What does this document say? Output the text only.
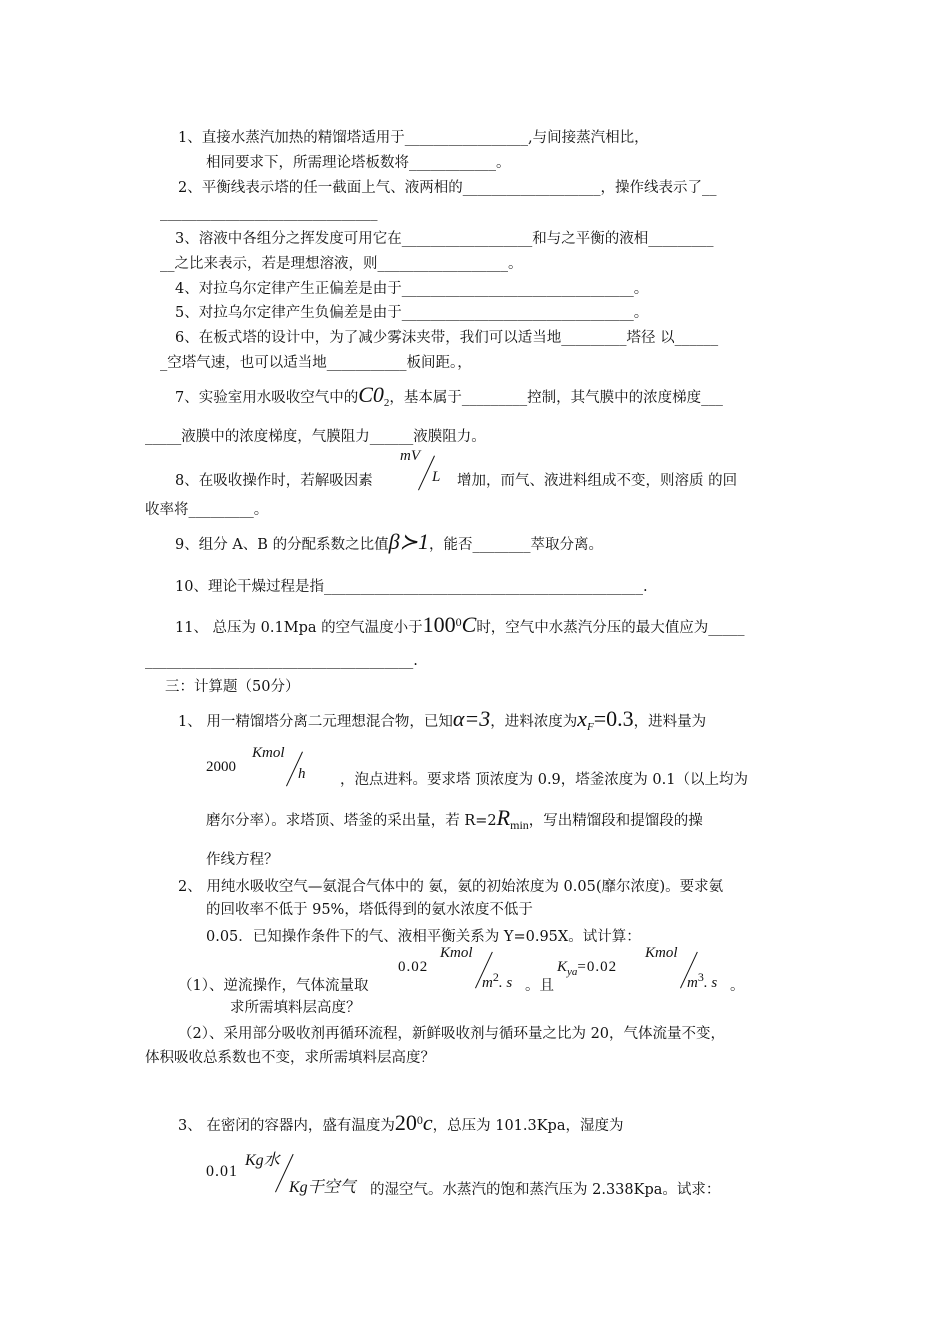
1、直接水蒸汽加热的精馏塔适用于_________________,与间接蒸汽相比，
相同要求下，所需理论塔板数将____________。
2、平衡线表示塔的任一截面上气、液两相的___________________，操作线表示了__
______________________________
3、溶液中各组分之挥发度可用它在__________________和与之平衡的液相_________
__之比来表示，若是理想溶液，则__________________。
4、对拉乌尔定律产生正偏差是由于________________________________。
5、对拉乌尔定律产生负偏差是由于________________________________。
6、在板式塔的设计中，为了减少雾沫夹带，我们可以适当地_________塔径 以______
_空塔气速，也可以适当地___________板间距。，
7、实验室用水吸收空气中的$C0_2$，基本属于_________控制，其气膜中的浓度梯度___
_____液膜中的浓度梯度，气膜阻力______液膜阻力。
mV
L
8、在吸收操作时，若解吸因素	增加，而气、液进料组成不变，则溶质 的回
收率将_________。
9、组分 A、B 的分配系数之比值β≻1，能否________萃取分离。
10、理论干燥过程是指____________________________________________.
11、 总压为 0.1Mpa 的空气温度小于$100^0C$时，空气中水蒸汽分压的最大值应为_____
_____________________________________.
三：计算题（50分）
1、 用一精馏塔分离二元理想混合物，已知α=3，进料浓度为$x_F=0.3$，进料量为
2000
Kmol
h ，泡点进料。要求塔 顶浓度为 0.9，塔釜浓度为 0.1（以上均为
磨尔分率）。求塔顶、塔釜的采出量，若 $R=2R_{min}$，写出精馏段和提馏段的操
作线方程？
2、 用纯水吸收空气—氨混合气体中的 氨，氨的初始浓度为 0.05(靡尔浓度)。要求氨
的回收率不低于 95%，塔低得到的氨水浓度不低于
0.05．已知操作条件下的气、液相平衡关系为 Y=0.95X。试计算：
0.02
Kmol
$m^2$. s 。且
$K_{ya}=0.02$
Kmol
$m^3$. s 。
（1）、逆流操作，气体流量取
求所需填料层高度？
（2）、采用部分吸收剂再循环流程，新鲜吸收剂与循环量之比为 20，气体流量不变，
体积吸收总系数也不变，求所需填料层高度？
3、 在密闭的容器内，盛有温度为$20^0c$，总压为 101.3Kpa，湿度为
0.01
Kg水
Kg干空气 的湿空气。水蒸汽的饱和蒸汽压为 2.338Kpa。试求：
